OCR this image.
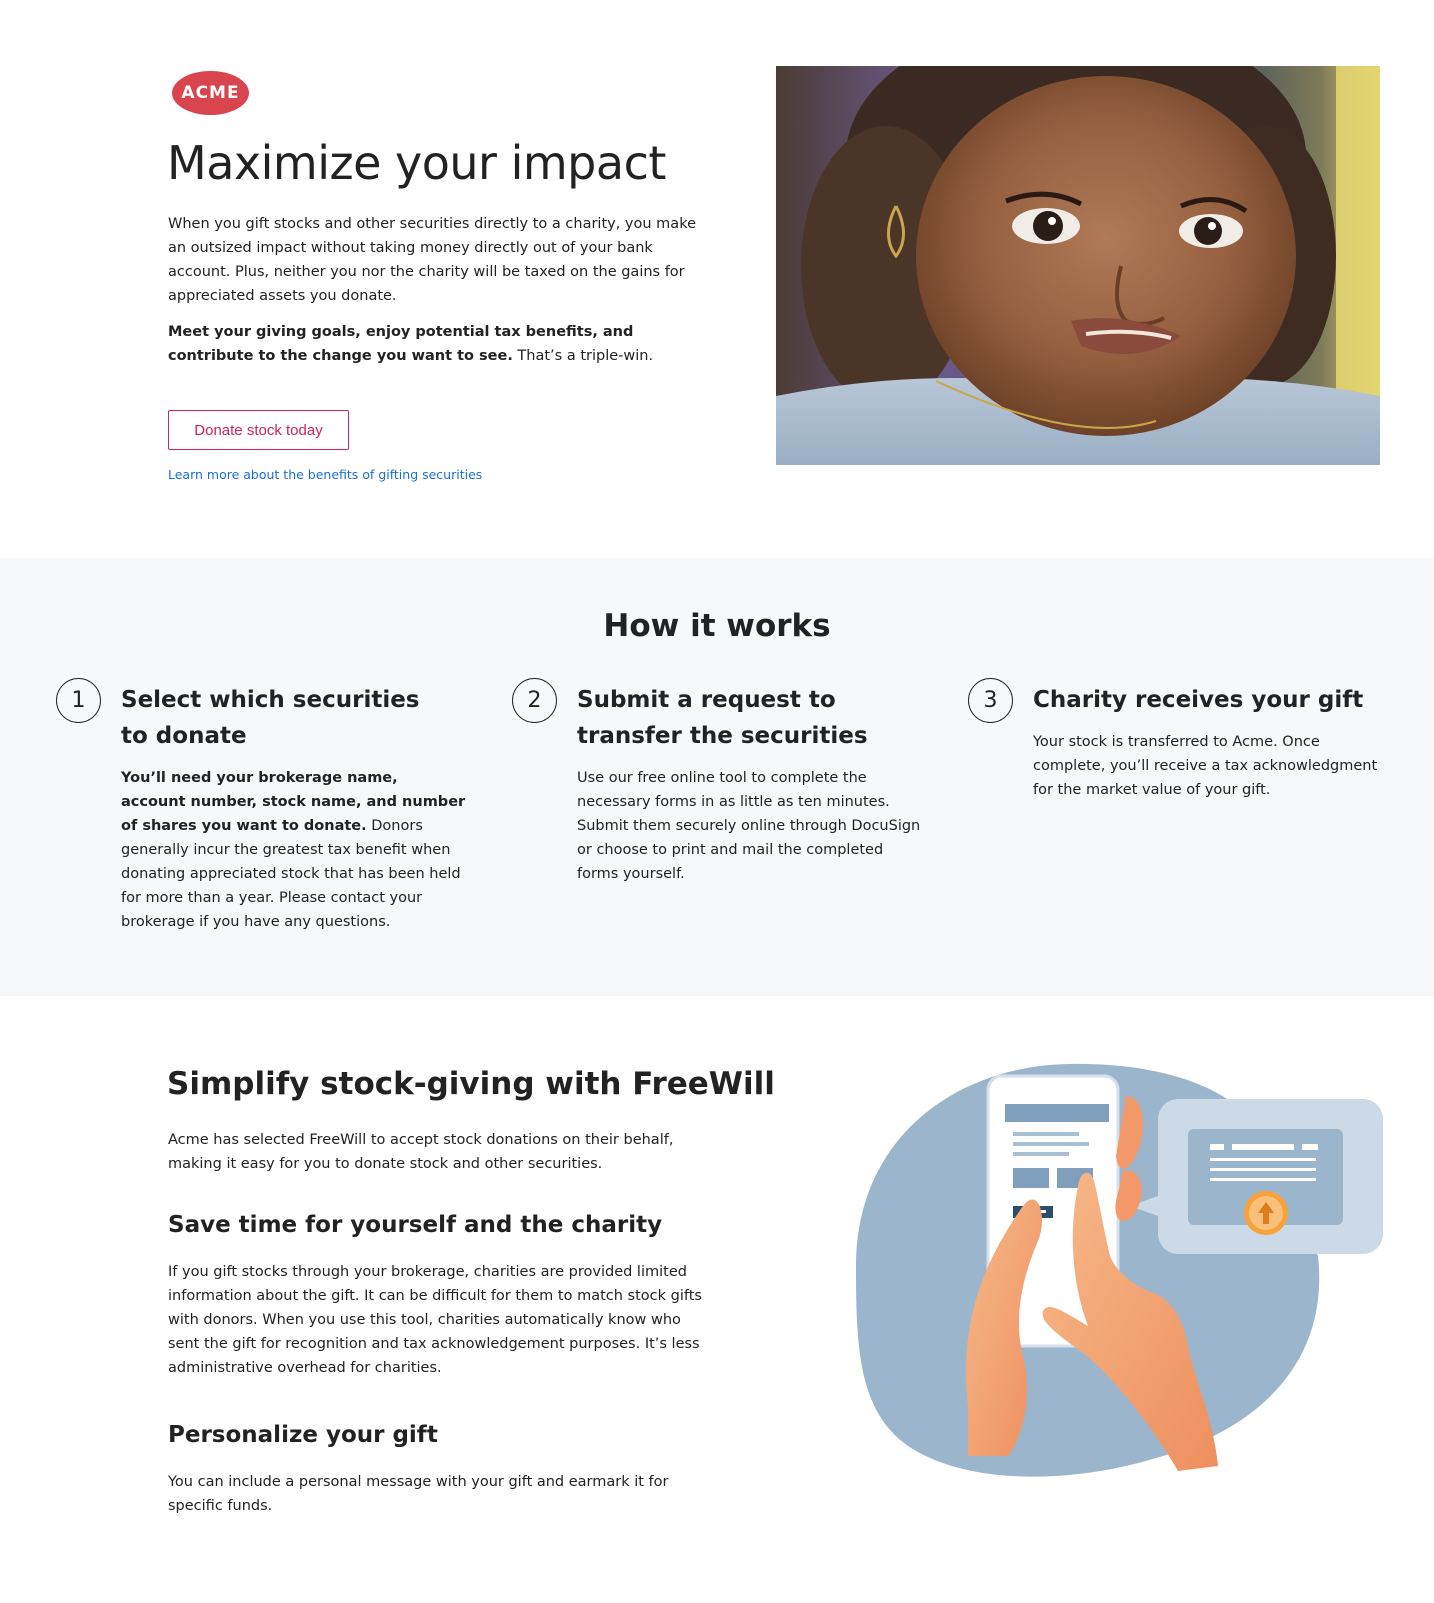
ACME
Maximize your impact

When you gift stocks and other securities directly to a charity, you make an outsized impact without taking money directly out of your bank account. Plus, neither you nor the charity will be taxed on the gains for appreciated assets you donate.

Meet your giving goals, enjoy potential tax benefits, and contribute to the change you want to see. That’s a triple-win.

Donate stock today
Learn more about the benefits of gifting securities
How it works
1	Select which securities to donate

You’ll need your brokerage name, account number, stock name, and number of shares you want to donate. Donors generally incur the greatest tax benefit when donating appreciated stock that has been held for more than a year. Please contact your brokerage if you have any questions.

2	Submit a request to transfer the securities

Use our free online tool to complete the necessary forms in as little as ten minutes. Submit them securely online through DocuSign or choose to print and mail the completed forms yourself.

3	Charity receives your gift

Your stock is transferred to Acme. Once complete, you’ll receive a tax acknowledgment for the market value of your gift.

Simplify stock-giving with FreeWill

Acme has selected FreeWill to accept stock donations on their behalf, making it easy for you to donate stock and other securities.

Save time for yourself and the charity

If you gift stocks through your brokerage, charities are provided limited information about the gift. It can be difficult for them to match stock gifts with donors. When you use this tool, charities automatically know who sent the gift for recognition and tax acknowledgement purposes. It’s less administrative overhead for charities.

Personalize your gift

You can include a personal message with your gift and earmark it for specific funds.
